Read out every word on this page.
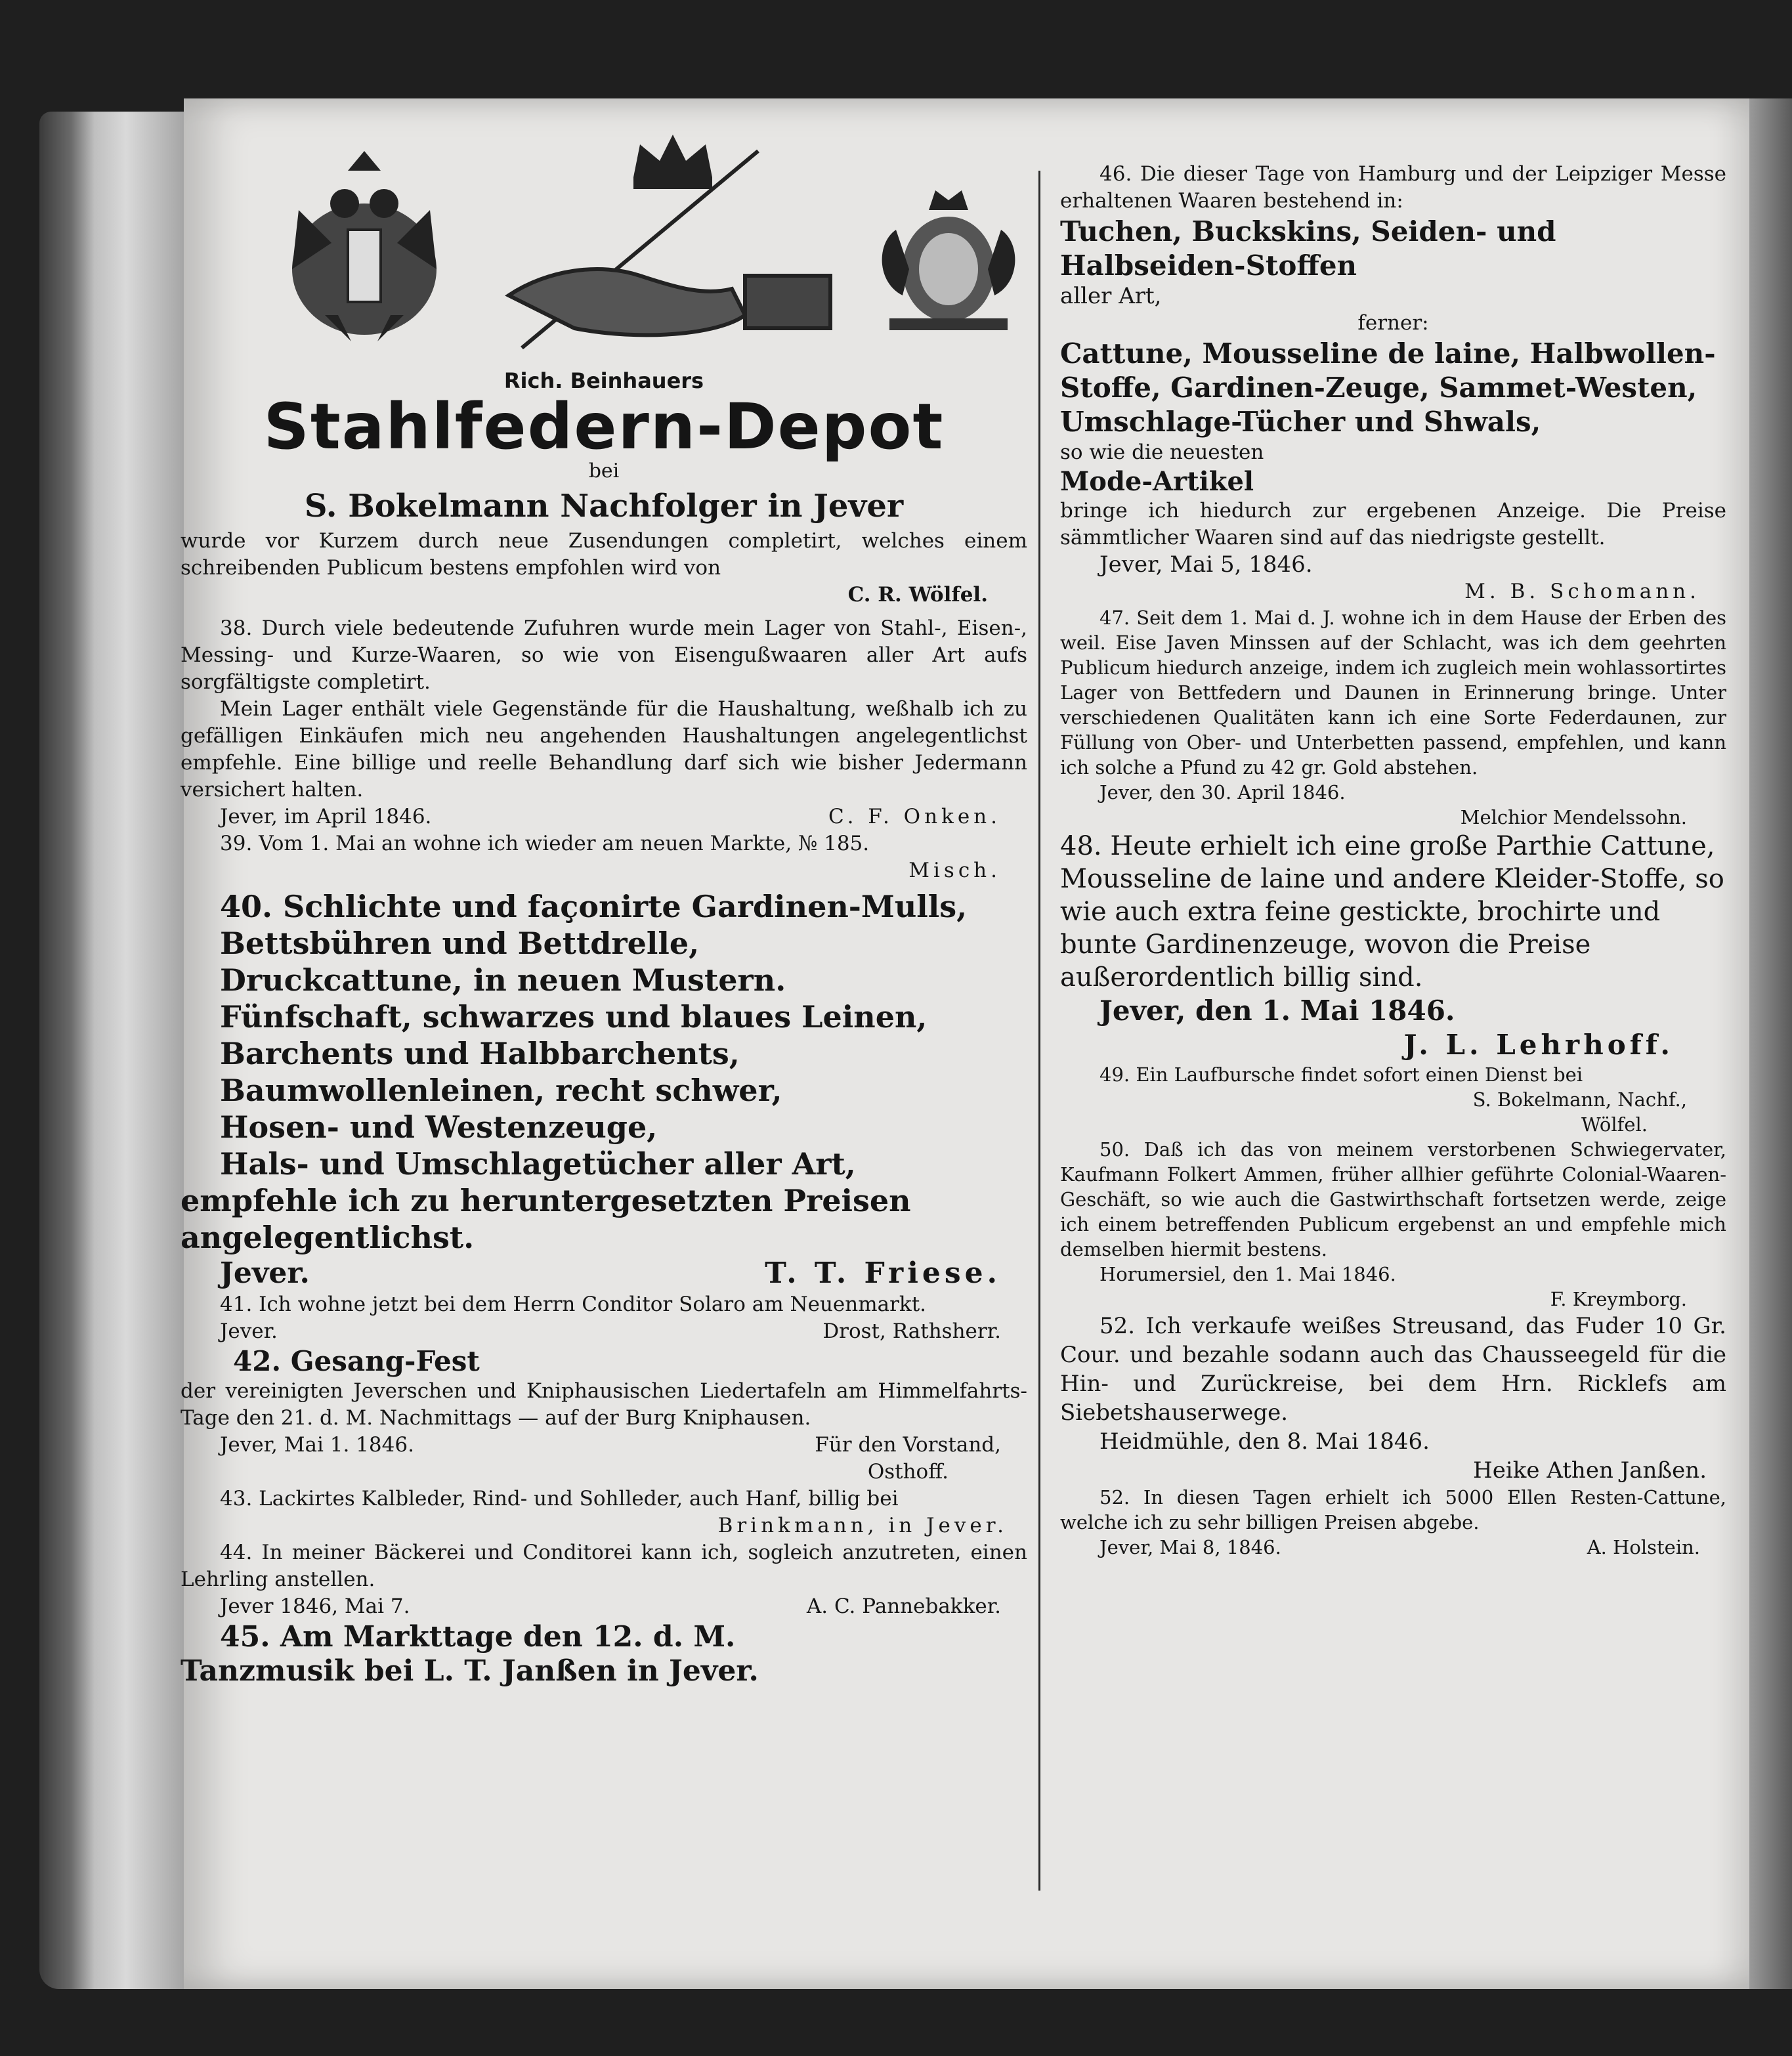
Rich. Beinhauers

Stahlfedern-Depot

bei

S. Bokelmann Nachfolger in Jever

wurde vor Kurzem durch neue Zusendungen completirt, welches einem schreibenden Publicum bestens empfohlen wird von

C. R. Wölfel.

38. Durch viele bedeutende Zufuhren wurde mein Lager von Stahl-, Eisen-, Messing- und Kurze-Waaren, so wie von Eisengußwaaren aller Art aufs sorgfältigste completirt.

Mein Lager enthält viele Gegenstände für die Haushaltung, weßhalb ich zu gefälligen Einkäufen mich neu angehenden Haushaltungen angelegentlichst empfehle. Eine billige und reelle Behandlung darf sich wie bisher Jedermann versichert halten.

Jever, im April 1846.	C. F. Onken.

39. Vom 1. Mai an wohne ich wieder am neuen Markte, № 185.

Misch.

40. Schlichte und façonirte Gardinen-Mulls,

Bettsbühren und Bettdrelle,

Druckcattune, in neuen Mustern.

Fünfschaft, schwarzes und blaues Leinen,

Barchents und Halbbarchents,

Baumwollenleinen, recht schwer,

Hosen- und Westenzeuge,

Hals- und Umschlagetücher aller Art,

empfehle ich zu heruntergesetzten Preisen angelegentlichst.

Jever.	T. T. Friese.

41. Ich wohne jetzt bei dem Herrn Conditor Solaro am Neuenmarkt.

Jever.	Drost, Rathsherr.

42. Gesang-Fest

der vereinigten Jeverschen und Kniphausischen Liedertafeln am Himmelfahrts-Tage den 21. d. M. Nachmittags — auf der Burg Kniphausen.

Jever, Mai 1. 1846.	Für den Vorstand,

Osthoff.

43. Lackirtes Kalbleder, Rind- und Sohlleder, auch Hanf, billig bei

Brinkmann, in Jever.

44. In meiner Bäckerei und Conditorei kann ich, sogleich anzutreten, einen Lehrling anstellen.

Jever 1846, Mai 7.	A. C. Pannebakker.

45. Am Markttage den 12. d. M.

Tanzmusik bei L. T. Janßen in Jever.

46. Die dieser Tage von Hamburg und der Leipziger Messe erhaltenen Waaren bestehend in:

Tuchen, Buckskins, Seiden- und Halbseiden-Stoffen

aller Art,

ferner:

Cattune, Mousseline de laine, Halbwollen-Stoffe, Gardinen-Zeuge, Sammet-Westen, Umschlage-Tücher und Shwals,

so wie die neuesten

Mode-Artikel

bringe ich hiedurch zur ergebenen Anzeige. Die Preise sämmtlicher Waaren sind auf das niedrigste gestellt.

Jever, Mai 5, 1846.

M. B. Schomann.

47. Seit dem 1. Mai d. J. wohne ich in dem Hause der Erben des weil. Eise Javen Minssen auf der Schlacht, was ich dem geehrten Publicum hiedurch anzeige, indem ich zugleich mein wohlassortirtes Lager von Bettfedern und Daunen in Erinnerung bringe. Unter verschiedenen Qualitäten kann ich eine Sorte Federdaunen, zur Füllung von Ober- und Unterbetten passend, empfehlen, und kann ich solche a Pfund zu 42 gr. Gold abstehen.

Jever, den 30. April 1846.

Melchior Mendelssohn.

48. Heute erhielt ich eine große Parthie Cattune, Mousseline de laine und andere Kleider-Stoffe, so wie auch extra feine gestickte, brochirte und bunte Gardinenzeuge, wovon die Preise außerordentlich billig sind.

Jever, den 1. Mai 1846.

J. L. Lehrhoff.

49. Ein Laufbursche findet sofort einen Dienst bei

S. Bokelmann, Nachf.,

Wölfel.

50. Daß ich das von meinem verstorbenen Schwiegervater, Kaufmann Folkert Ammen, früher allhier geführte Colonial-Waaren-Geschäft, so wie auch die Gastwirthschaft fortsetzen werde, zeige ich einem betreffenden Publicum ergebenst an und empfehle mich demselben hiermit bestens.

Horumersiel, den 1. Mai 1846.

F. Kreymborg.

52. Ich verkaufe weißes Streusand, das Fuder 10 Gr. Cour. und bezahle sodann auch das Chausseegeld für die Hin- und Zurückreise, bei dem Hrn. Ricklefs am Siebetshauserwege.

Heidmühle, den 8. Mai 1846.

Heike Athen Janßen.

52. In diesen Tagen erhielt ich 5000 Ellen Resten-Cattune, welche ich zu sehr billigen Preisen abgebe.

Jever, Mai 8, 1846.	A. Holstein.
